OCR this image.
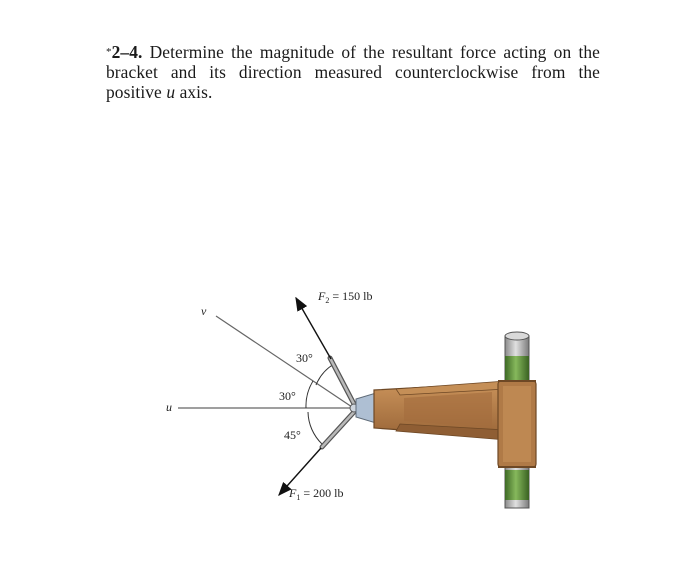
*2–4. Determine the magnitude of the resultant force acting on the bracket and its direction measured counterclockwise from the positive u axis.
u
v
30°
30°
45°
$F_2 = 150$ lb
$F_1 = 200$ lb
